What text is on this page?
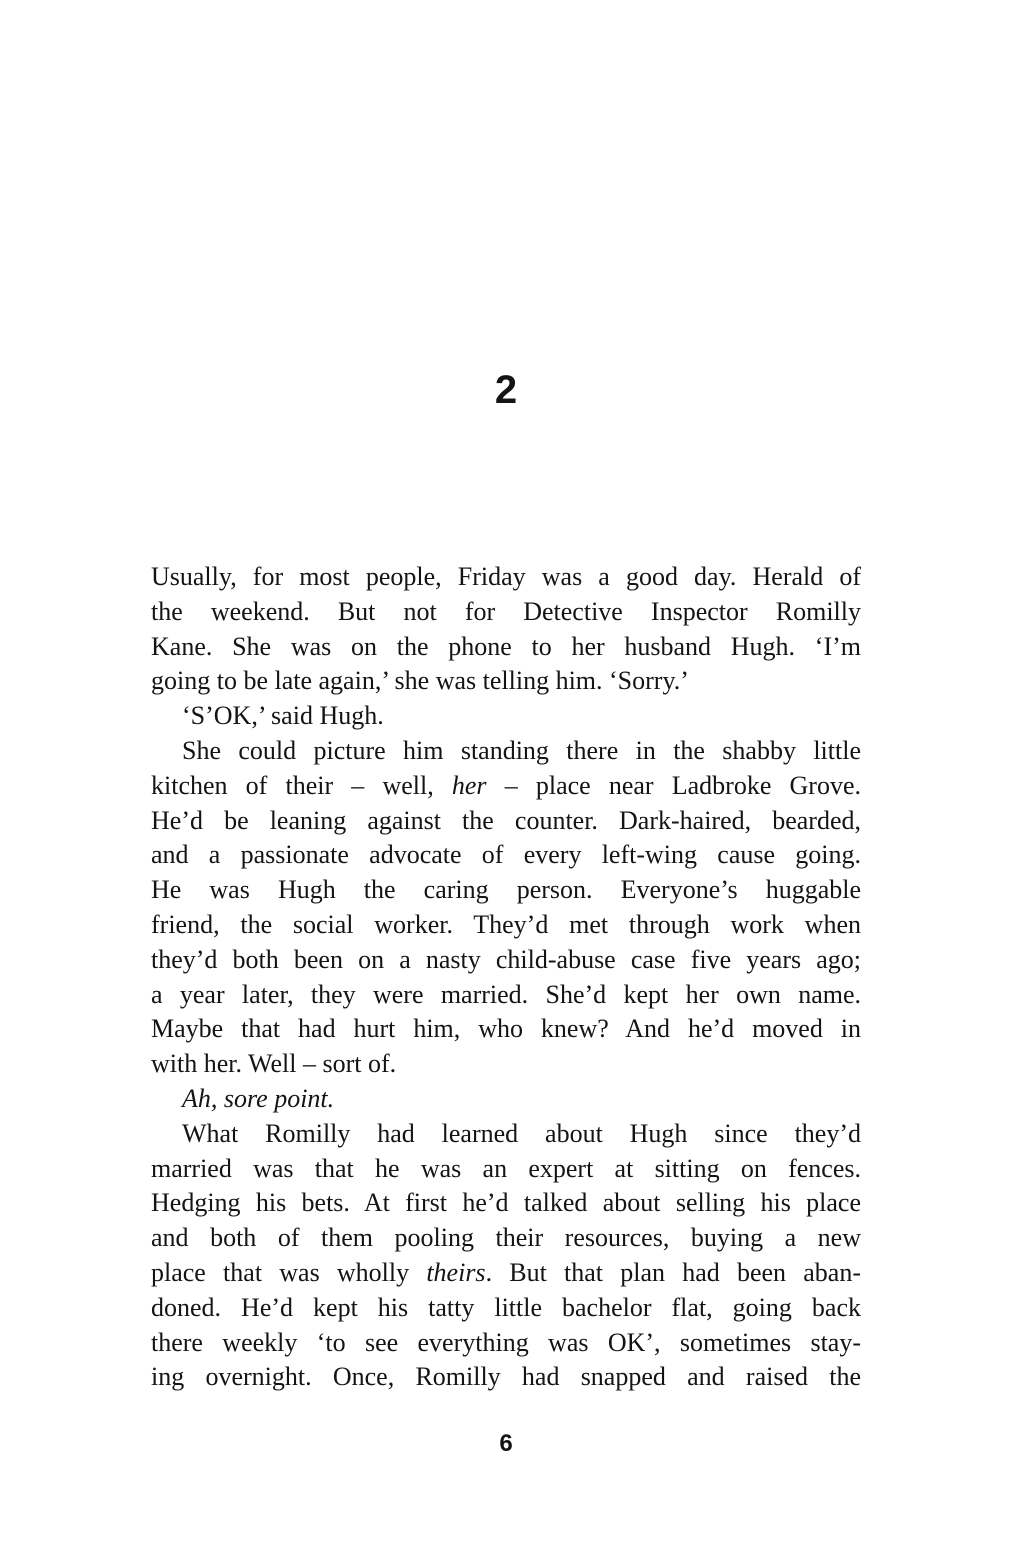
2
Usually, for most people, Friday was a good day. Herald of
the weekend. But not for Detective Inspector Romilly
Kane. She was on the phone to her husband Hugh. ‘I’m
going to be late again,’ she was telling him. ‘Sorry.’
‘S’OK,’ said Hugh.
She could picture him standing there in the shabby little
kitchen of their – well, her – place near Ladbroke Grove.
He’d be leaning against the counter. Dark-haired, bearded,
and a passionate advocate of every left-wing cause going.
He was Hugh the caring person. Everyone’s huggable
friend, the social worker. They’d met through work when
they’d both been on a nasty child-abuse case five years ago;
a year later, they were married. She’d kept her own name.
Maybe that had hurt him, who knew? And he’d moved in
with her. Well – sort of.
Ah, sore point.
What Romilly had learned about Hugh since they’d
married was that he was an expert at sitting on fences.
Hedging his bets. At first he’d talked about selling his place
and both of them pooling their resources, buying a new
place that was wholly theirs. But that plan had been aban-
doned. He’d kept his tatty little bachelor flat, going back
there weekly ‘to see everything was OK’, sometimes stay-
ing overnight. Once, Romilly had snapped and raised the
6
